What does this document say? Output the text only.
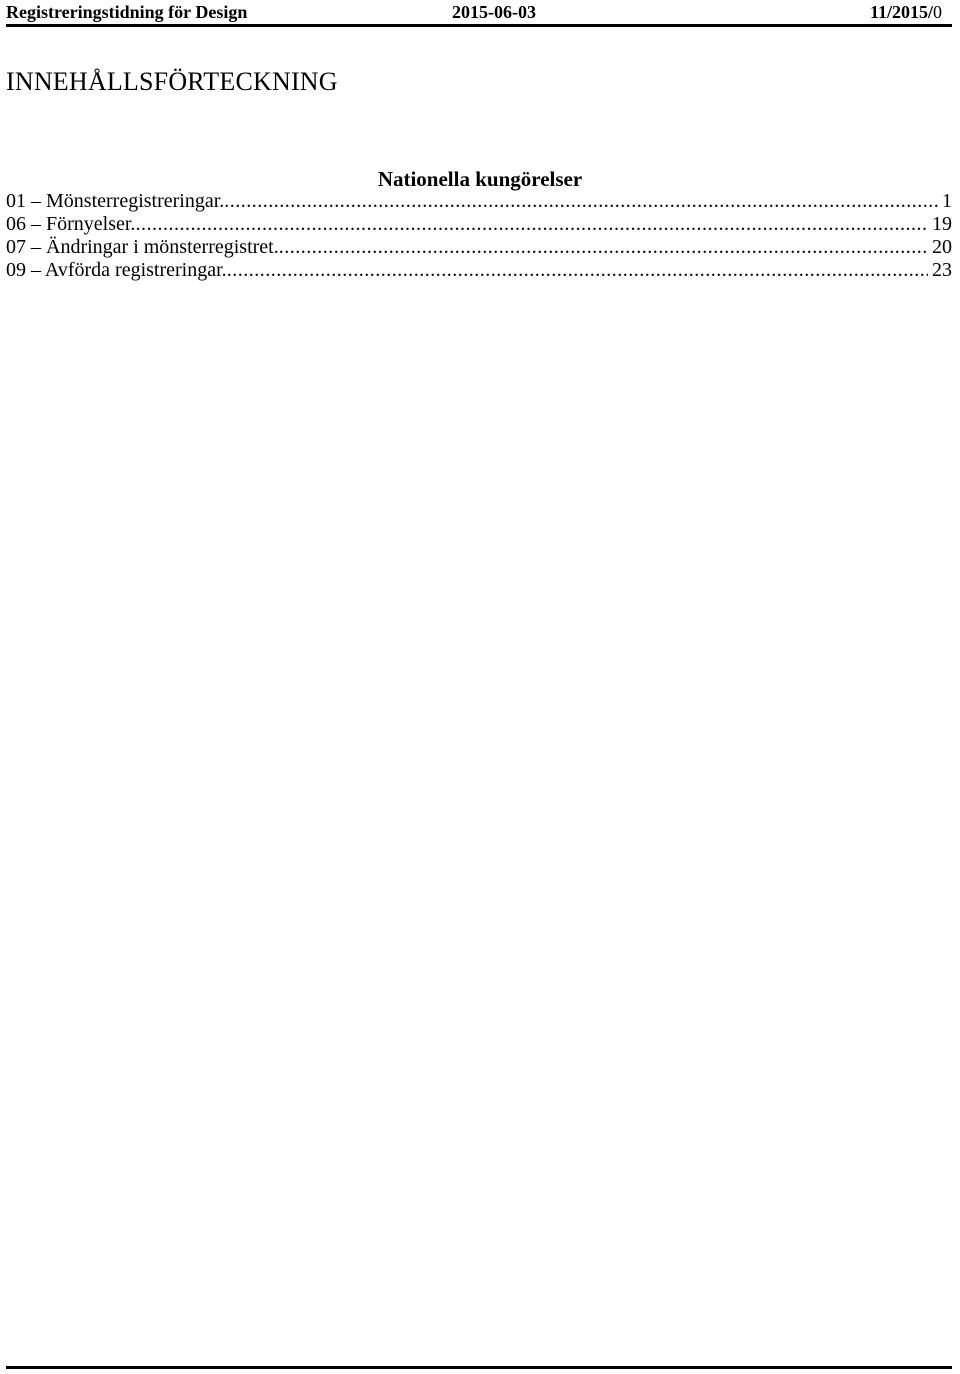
Registreringstidning för Design	2015-06-03	11/2015/0
INNEHÅLLSFÖRTECKNING
Nationella kungörelser
01 – Mönsterregistreringar. .....	1
06 – Förnyelser. .....	19
07 – Ändringar i mönsterregistret. .....	20
09 – Avförda registreringar. .....	23
